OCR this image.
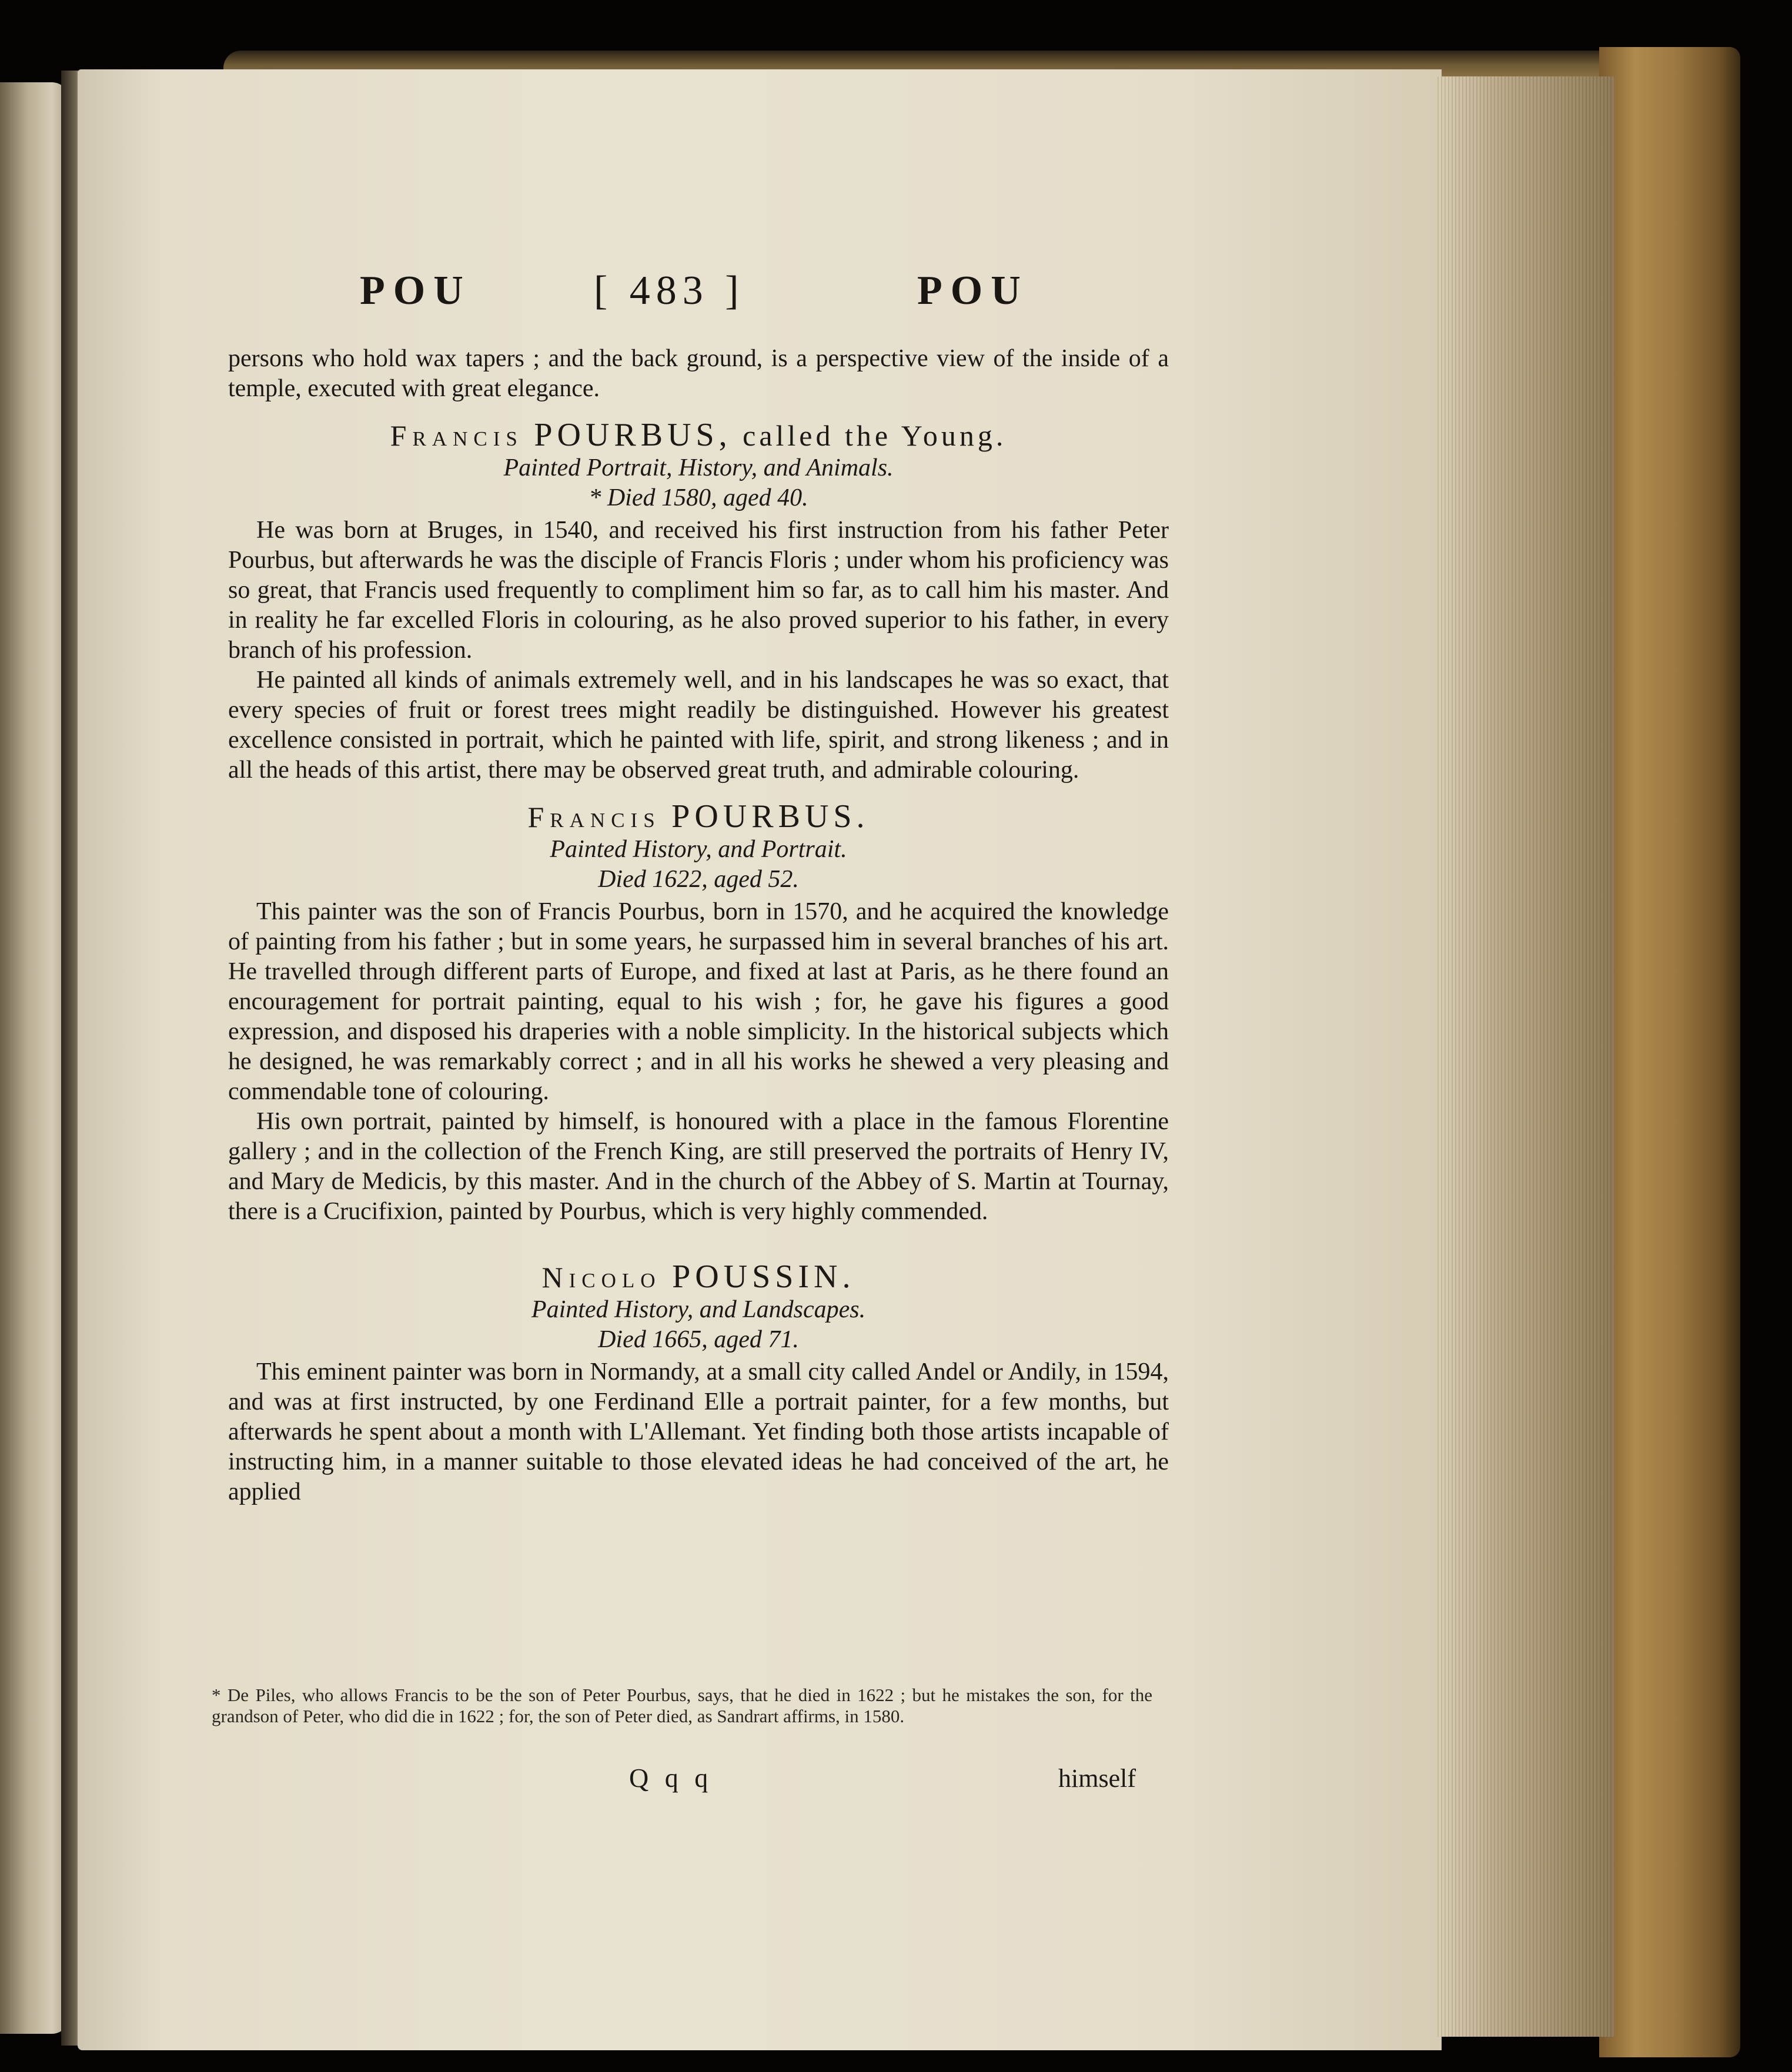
POU	[ 483 ]	POU

persons who hold wax tapers ; and the back ground, is a perspective view of the inside of a temple, executed with great elegance.

Francis POURBUS, called the Young.

Painted Portrait, History, and Animals.

* Died 1580, aged 40.

He was born at Bruges, in 1540, and received his first instruction from his father Peter Pourbus, but afterwards he was the disciple of Francis Floris ; under whom his proficiency was so great, that Francis used frequently to compliment him so far, as to call him his master. And in reality he far excelled Floris in colouring, as he also proved superior to his father, in every branch of his profession.

He painted all kinds of animals extremely well, and in his landscapes he was so exact, that every species of fruit or forest trees might readily be distinguished. However his greatest excellence consisted in portrait, which he painted with life, spirit, and strong likeness ; and in all the heads of this artist, there may be observed great truth, and admirable colouring.

Francis POURBUS.

Painted History, and Portrait.

Died 1622, aged 52.

This painter was the son of Francis Pourbus, born in 1570, and he acquired the knowledge of painting from his father ; but in some years, he surpassed him in several branches of his art. He travelled through different parts of Europe, and fixed at last at Paris, as he there found an encouragement for portrait painting, equal to his wish ; for, he gave his figures a good expression, and disposed his draperies with a noble simplicity. In the historical subjects which he designed, he was remarkably correct ; and in all his works he shewed a very pleasing and commendable tone of colouring.

His own portrait, painted by himself, is honoured with a place in the famous Florentine gallery ; and in the collection of the French King, are still preserved the portraits of Henry IV, and Mary de Medicis, by this master. And in the church of the Abbey of S. Martin at Tournay, there is a Crucifixion, painted by Pourbus, which is very highly commended.

Nicolo POUSSIN.

Painted History, and Landscapes.

Died 1665, aged 71.

This eminent painter was born in Normandy, at a small city called Andel or Andily, in 1594, and was at first instructed, by one Ferdinand Elle a portrait painter, for a few months, but afterwards he spent about a month with L'Allemant. Yet finding both those artists incapable of instructing him, in a manner suitable to those elevated ideas he had conceived of the art, he applied

* De Piles, who allows Francis to be the son of Peter Pourbus, says, that he died in 1622 ; but he mistakes the son, for the grandson of Peter, who did die in 1622 ; for, the son of Peter died, as Sandrart affirms, in 1580.
Q q q	himself
